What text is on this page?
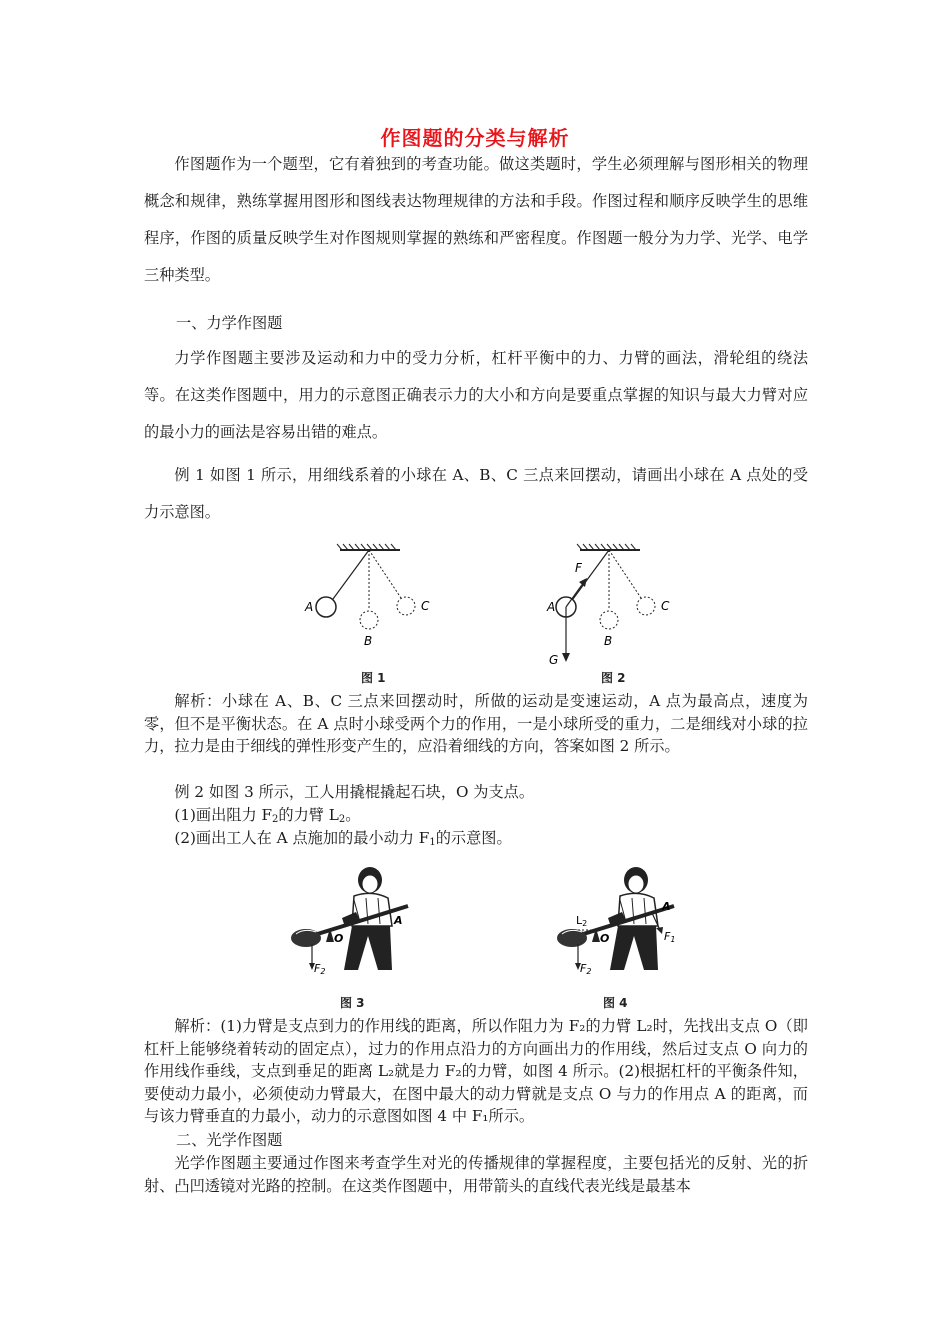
作图题的分类与解析

作图题作为一个题型，它有着独到的考查功能。做这类题时，学生必须理解与图形相关的物理概念和规律，熟练掌握用图形和图线表达物理规律的方法和手段。作图过程和顺序反映学生的思维程序，作图的质量反映学生对作图规则掌握的熟练和严密程度。作图题一般分为力学、光学、电学三种类型。

一、力学作图题

力学作图题主要涉及运动和力中的受力分析，杠杆平衡中的力、力臂的画法，滑轮组的绕法等。在这类作图题中，用力的示意图正确表示力的大小和方向是要重点掌握的知识与最大力臂对应的最小力的画法是容易出错的难点。

例 1 如图 1 所示，用细线系着的小球在 A、B、C 三点来回摆动，请画出小球在 A 点处的受力示意图。

A
B
C
图 1
A
B
C
F
G
图 2

解析：小球在 A、B、C 三点来回摆动时，所做的运动是变速运动，A 点为最高点，速度为零，但不是平衡状态。在 A 点时小球受两个力的作用，一是小球所受的重力，二是细线对小球的拉力，拉力是由于细线的弹性形变产生的，应沿着细线的方向，答案如图 2 所示。

例 2 如图 3 所示，工人用撬棍撬起石块，O 为支点。

(1)画出阻力 $F_2$的力臂 $L_2$。

(2)画出工人在 A 点施加的最小动力 $F_1$的示意图。

O
A
F2
图 3
L2
O
A
F1
F2
图 4

解析：(1)力臂是支点到力的作用线的距离，所以作阻力为 F₂的力臂 L₂时，先找出支点 O（即杠杆上能够绕着转动的固定点），过力的作用点沿力的方向画出力的作用线，然后过支点 O 向力的作用线作垂线，支点到垂足的距离 L₂就是力 F₂的力臂，如图 4 所示。(2)根据杠杆的平衡条件知，要使动力最小，必须使动力臂最大，在图中最大的动力臂就是支点 O 与力的作用点 A 的距离，而与该力臂垂直的力最小，动力的示意图如图 4 中 F₁所示。

二、光学作图题

光学作图题主要通过作图来考查学生对光的传播规律的掌握程度，主要包括光的反射、光的折射、凸凹透镜对光路的控制。在这类作图题中，用带箭头的直线代表光线是最基本
